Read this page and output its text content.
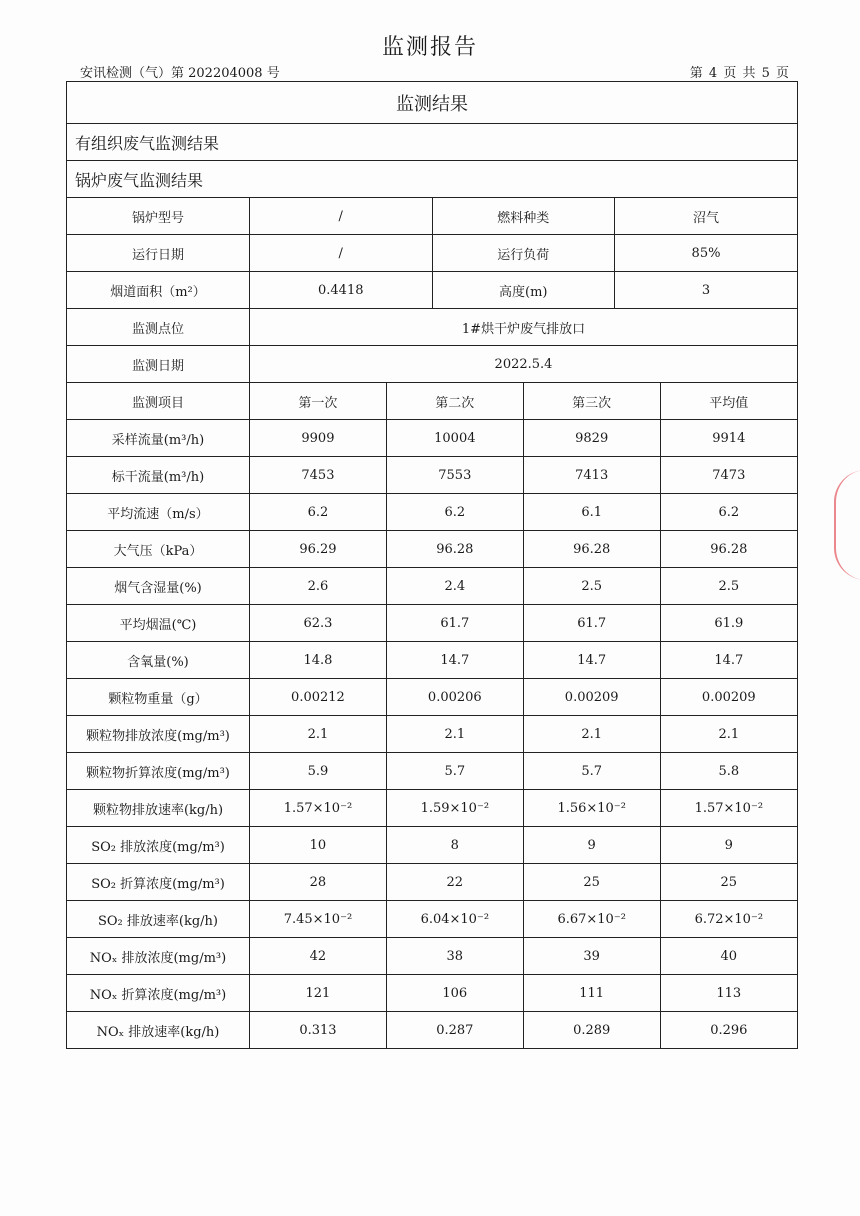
监测报告
安讯检测（气）第 202204008 号	第 4 页 共 5 页
监测结果
有组织废气监测结果
锅炉废气监测结果
锅炉型号	/	燃料种类	沼气
运行日期	/	运行负荷	85%
烟道面积（m²）	0.4418	高度(m)	3
监测点位	1#烘干炉废气排放口		
监测日期	2022.5.4		
监测项目	第一次	第二次	第三次	平均值
采样流量(m³/h)	9909	10004	9829	9914
标干流量(m³/h)	7453	7553	7413	7473
平均流速（m/s）	6.2	6.2	6.1	6.2
大气压（kPa）	96.29	96.28	96.28	96.28
烟气含湿量(%)	2.6	2.4	2.5	2.5
平均烟温(℃)	62.3	61.7	61.7	61.9
含氧量(%)	14.8	14.7	14.7	14.7
颗粒物重量（g）	0.00212	0.00206	0.00209	0.00209
颗粒物排放浓度(mg/m³)	2.1	2.1	2.1	2.1
颗粒物折算浓度(mg/m³)	5.9	5.7	5.7	5.8
颗粒物排放速率(kg/h)	1.57×10⁻²	1.59×10⁻²	1.56×10⁻²	1.57×10⁻²
SO₂ 排放浓度(mg/m³)	10	8	9	9
SO₂ 折算浓度(mg/m³)	28	22	25	25
SO₂ 排放速率(kg/h)	7.45×10⁻²	6.04×10⁻²	6.67×10⁻²	6.72×10⁻²
NOₓ 排放浓度(mg/m³)	42	38	39	40
NOₓ 折算浓度(mg/m³)	121	106	111	113
NOₓ 排放速率(kg/h)	0.313	0.287	0.289	0.296
